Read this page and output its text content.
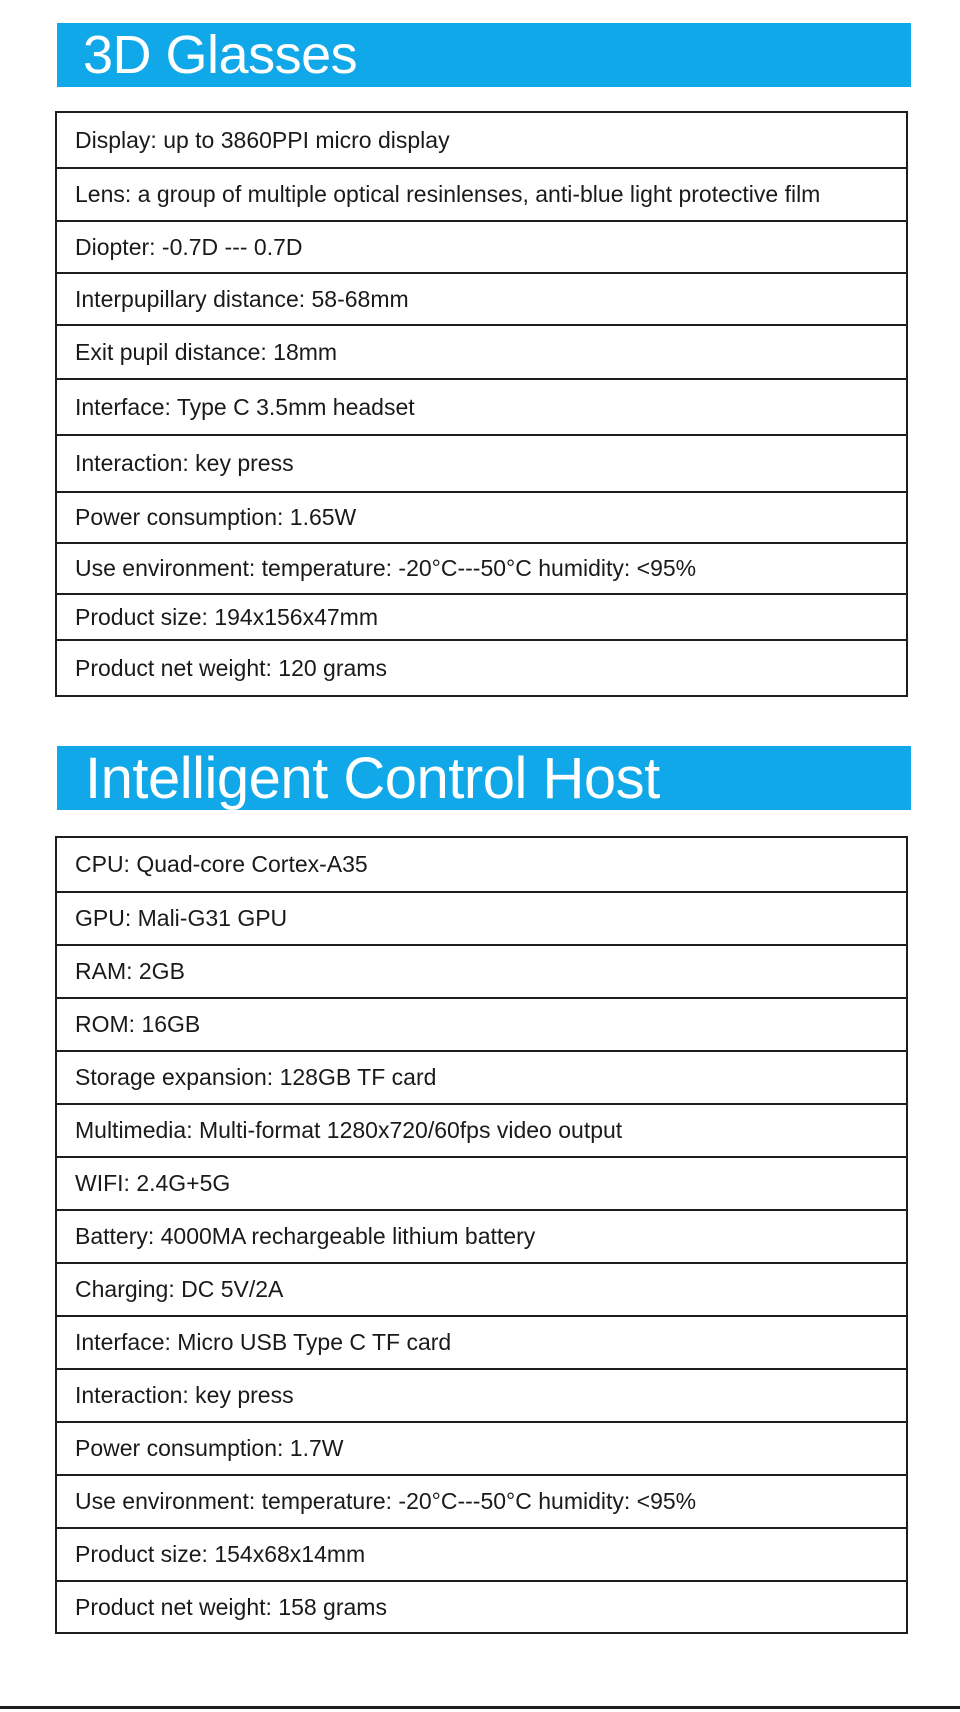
3D Glasses
Display: up to 3860PPI micro display
Lens: a group of multiple optical resinlenses, anti-blue light protective film
Diopter: -0.7D --- 0.7D
Interpupillary distance: 58-68mm
Exit pupil distance: 18mm
Interface: Type C 3.5mm headset
Interaction: key press
Power consumption: 1.65W
Use environment: temperature: -20°C---50°C humidity: <95%
Product size: 194x156x47mm
Product net weight: 120 grams
Intelligent Control Host
CPU: Quad-core Cortex-A35
GPU: Mali-G31 GPU
RAM: 2GB
ROM: 16GB
Storage expansion: 128GB TF card
Multimedia: Multi-format 1280x720/60fps video output
WIFI: 2.4G+5G
Battery: 4000MA rechargeable lithium battery
Charging: DC 5V/2A
Interface: Micro USB Type C TF card
Interaction: key press
Power consumption: 1.7W
Use environment: temperature: -20°C---50°C humidity: <95%
Product size: 154x68x14mm
Product net weight: 158 grams
